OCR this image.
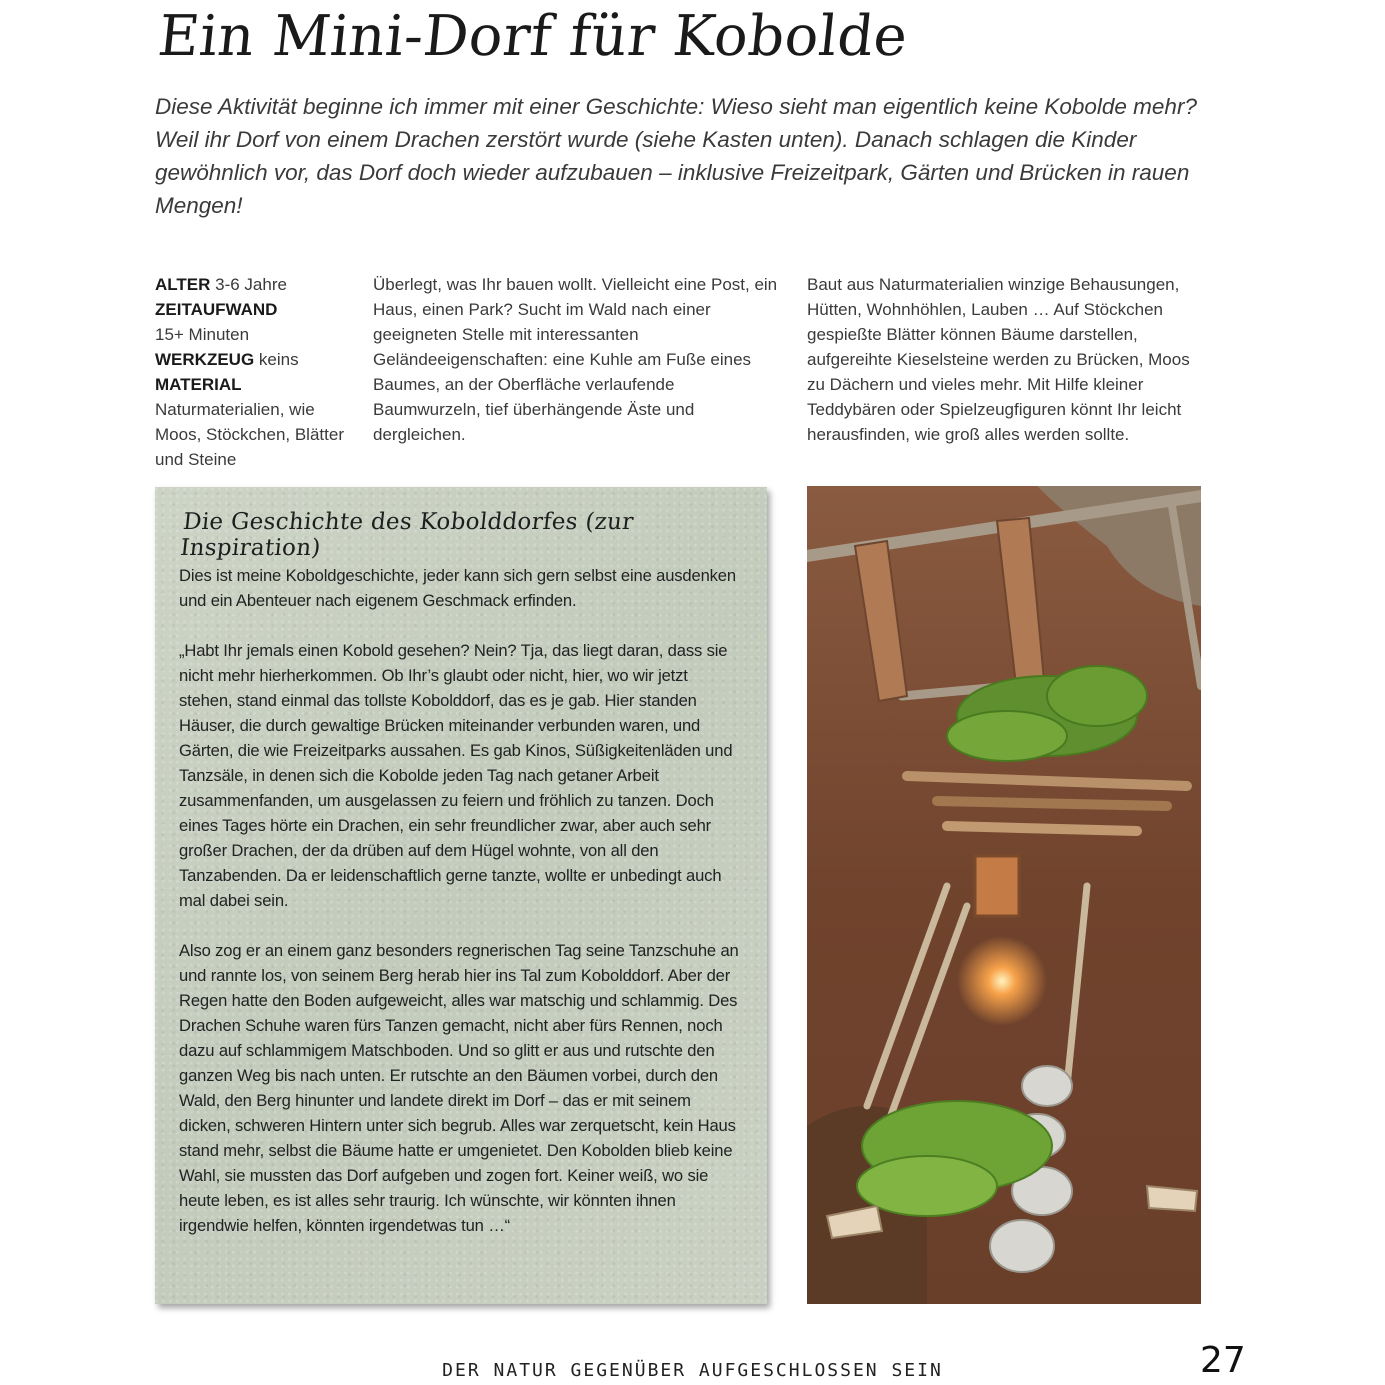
Ein Mini-Dorf für Kobolde

Diese Aktivität beginne ich immer mit einer Geschichte: Wieso sieht man eigentlich keine Kobolde mehr? Weil ihr Dorf von einem Drachen zerstört wurde (siehe Kasten unten). Danach schlagen die Kinder gewöhnlich vor, das Dorf doch wieder aufzubauen – inklusive Freizeitpark, Gärten und Brücken in rauen Mengen!

ALTER 3-6 Jahre

ZEITAUFWAND
15+ Minuten

WERKZEUG keins

MATERIAL Naturmaterialien, wie Moos, Stöckchen, Blätter und Steine

Überlegt, was Ihr bauen wollt. Vielleicht eine Post, ein Haus, einen Park? Sucht im Wald nach einer geeigneten Stelle mit interessanten Geländeeigenschaften: eine Kuhle am Fuße eines Baumes, an der Oberfläche verlaufende Baumwurzeln, tief überhängende Äste und dergleichen.

Baut aus Naturmaterialien winzige Behausungen, Hütten, Wohnhöhlen, Lauben … Auf Stöckchen gespießte Blätter können Bäume darstellen, aufgereihte Kieselsteine werden zu Brücken, Moos zu Dächern und vieles mehr. Mit Hilfe kleiner Teddybären oder Spielzeugfiguren könnt Ihr leicht herausfinden, wie groß alles werden sollte.

Die Geschichte des Kobolddorfes (zur Inspiration)

Dies ist meine Koboldgeschichte, jeder kann sich gern selbst eine ausdenken und ein Abenteuer nach eigenem Geschmack erfinden.

„Habt Ihr jemals einen Kobold gesehen? Nein? Tja, das liegt daran, dass sie nicht mehr hierherkommen. Ob Ihr’s glaubt oder nicht, hier, wo wir jetzt stehen, stand einmal das tollste Kobolddorf, das es je gab. Hier standen Häuser, die durch gewaltige Brücken miteinander verbunden waren, und Gärten, die wie Freizeitparks aussahen. Es gab Kinos, Süßigkeitenläden und Tanzsäle, in denen sich die Kobolde jeden Tag nach getaner Arbeit zusammenfanden, um ausgelassen zu feiern und fröhlich zu tanzen. Doch eines Tages hörte ein Drachen, ein sehr freundlicher zwar, aber auch sehr großer Drachen, der da drüben auf dem Hügel wohnte, von all den Tanzabenden. Da er leidenschaftlich gerne tanzte, wollte er unbedingt auch mal dabei sein.

Also zog er an einem ganz besonders regnerischen Tag seine Tanzschuhe an und rannte los, von seinem Berg herab hier ins Tal zum Kobolddorf. Aber der Regen hatte den Boden aufgeweicht, alles war matschig und schlammig. Des Drachen Schuhe waren fürs Tanzen gemacht, nicht aber fürs Rennen, noch dazu auf schlammigem Matschboden. Und so glitt er aus und rutschte den ganzen Weg bis nach unten. Er rutschte an den Bäumen vorbei, durch den Wald, den Berg hinunter und landete direkt im Dorf – das er mit seinem dicken, schweren Hintern unter sich begrub. Alles war zerquetscht, kein Haus stand mehr, selbst die Bäume hatte er umgenietet. Den Kobolden blieb keine Wahl, sie mussten das Dorf aufgeben und zogen fort. Keiner weiß, wo sie heute leben, es ist alles sehr traurig. Ich wünschte, wir könnten ihnen irgendwie helfen, könnten irgendetwas tun …“

DER NATUR GEGENÜBER AUFGESCHLOSSEN SEIN	27
